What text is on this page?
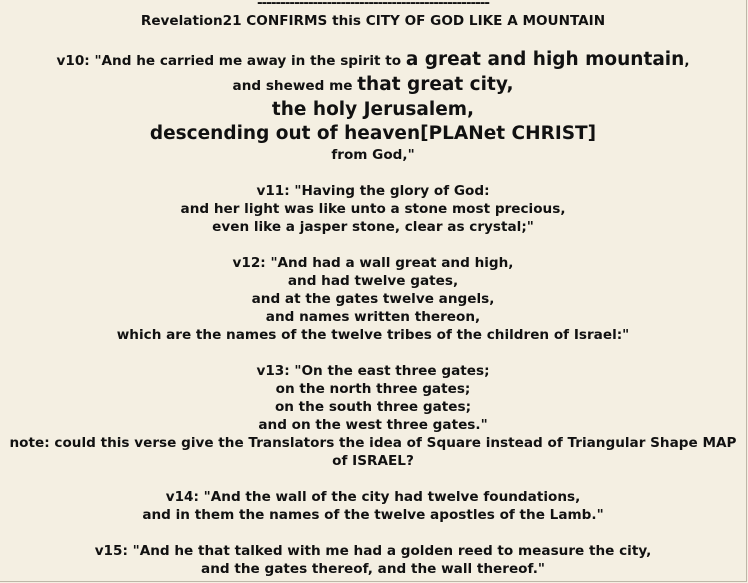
--------------------------------------------------
Revelation21 CONFIRMS this CITY OF GOD LIKE A MOUNTAIN
v10: "And he carried me away in the spirit to a great and high mountain,
and shewed me that great city,
the holy Jerusalem,
descending out of heaven[PLANet CHRIST]
from God,"
v11: "Having the glory of God:
and her light was like unto a stone most precious,
even like a jasper stone, clear as crystal;"
v12: "And had a wall great and high,
and had twelve gates,
and at the gates twelve angels,
and names written thereon,
which are the names of the twelve tribes of the children of Israel:"
v13: "On the east three gates;
on the north three gates;
on the south three gates;
and on the west three gates."
note: could this verse give the Translators the idea of Square instead of Triangular Shape MAP of ISRAEL?
v14: "And the wall of the city had twelve foundations,
and in them the names of the twelve apostles of the Lamb."
v15: "And he that talked with me had a golden reed to measure the city,
and the gates thereof, and the wall thereof."
